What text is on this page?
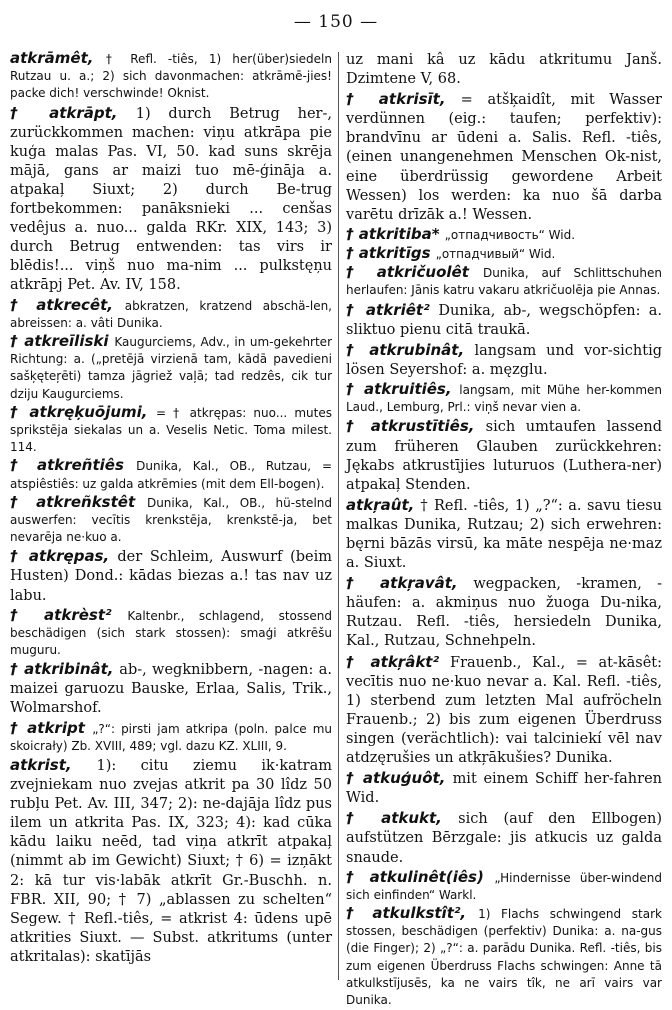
— 150 —
atkrāmêt, † Refl. -tiês, 1) her(über)siedeln Rutzau u. a.; 2) sich davonmachen: atkrāmē-jies! packe dich! verschwinde! Oknist.
† atkrāpt, 1) durch Betrug her-, zurückkommen machen: viņu atkrāpa pie kuģa malas Pas. VI, 50. kad suns skrēja mājā, gans ar maizi tuo mē-ģināja a. atpakaļ Siuxt; 2) durch Be-trug fortbekommen: panāksnieki ... cenšas vedêjus a. nuo... galda RKr. XIX, 143; 3) durch Betrug entwenden: tas virs ir blēdis!... viņš nuo ma-nim ... pulkstęņu atkrāpj Pet. Av. IV, 158.
† atkrecêt, abkratzen, kratzend abschä-len, abreissen: a. vâti Dunika.
† atkreīliski Kaugurciems, Adv., in um-gekehrter Richtung: a. („pretējā virzienā tam, kādā pavedieni sašķęteŗēti) tamza jāgriež vaļā; tad redzês, cik tur dziju Kaugurciems.
† atkręķuōjumi, = † atkrępas: nuo... mutes sprikstēja siekalas un a. Veselis Netic. Toma milest. 114.
† atkreñtiês Dunika, Kal., OB., Rutzau, = atspiêstiês: uz galda atkrēmies (mit dem Ell-bogen).
† atkreñkstêt Dunika, Kal., OB., hü-stelnd auswerfen: vecītis krenkstēja, krenkstē-ja, bet nevarēja ne·kuo a.
† atkrępas, der Schleim, Auswurf (beim Husten) Dond.: kādas biezas a.! tas nav uz labu.
† atkrèst² Kaltenbr., schlagend, stossend beschädigen (sich stark stossen): smaģi atkrēšu muguru.
† atkribinât, ab-, wegknibbern, -nagen: a. maizei garuozu Bauske, Erlaa, Salis, Trik., Wolmarshof.
† atkript „?“: pirsti jam atkripa (poln. palce mu skoicrały) Zb. XVIII, 489; vgl. dazu KZ. XLIII, 9.
atkrist, 1): citu ziemu ik·katram zvejniekam nuo zvejas atkrit pa 30 lîdz 50 rubļu Pet. Av. III, 347; 2): ne-dajāja lîdz pus ilem un atkrita Pas. IX, 323; 4): kad cūka kādu laiku neēd, tad viņa atkrīt atpakaļ (nimmt ab im Gewicht) Siuxt; † 6) = izņākt 2: kā tur vis·labāk atkrīt Gr.-Buschh. n. FBR. XII, 90; † 7) „ablassen zu schelten“ Segew. † Refl.-tiês, = atkrist 4: ūdens upē atkrities Siuxt. — Subst. atkritums (unter atkritalas): skatījās
uz mani kâ uz kādu atkritumu Janš. Dzimtene V, 68.
† atkrisīt, = atšķaidît, mit Wasser verdünnen (eig.: taufen; perfektiv): brandvīnu ar ūdeni a. Salis. Refl. -tiês, (einen unangenehmen Menschen Ok-nist, eine überdrüssig gewordene Arbeit Wessen) los werden: ka nuo šā darba varētu drīzāk a.! Wessen.
† atkritiba* „отпадчивость“ Wid.
† atkritīgs „отпадчивый“ Wid.
† atkričuolêt Dunika, auf Schlittschuhen herlaufen: Jānis katru vakaru atkričuolēja pie Annas.
† atkriêt² Dunika, ab-, wegschöpfen: a. sliktuo pienu citā traukā.
† atkrubinât, langsam und vor-sichtig lösen Seyershof: a. męzglu.
† atkruitiês, langsam, mit Mühe her-kommen Laud., Lemburg, Prl.: viņš nevar vien a.
† atkrustītiês, sich umtaufen lassend zum früheren Glauben zurückkehren: Jękabs atkrustījies luturuos (Luthera-ner) atpakaļ Stenden.
atkŗaût, † Refl. -tiês, 1) „?“: a. savu tiesu malkas Dunika, Rutzau; 2) sich erwehren: bęrni bāzās virsū, ka māte nespēja ne·maz a. Siuxt.
† atkŗavât, wegpacken, -kramen, -häufen: a. akmiņus nuo žuoga Du-nika, Rutzau. Refl. -tiês, hersiedeln Dunika, Kal., Rutzau, Schnehpeln.
† atkŗâkt² Frauenb., Kal., = at-kāsêt: vecītis nuo ne·kuo nevar a. Kal. Refl. -tiês, 1) sterbend zum letzten Mal aufröcheln Frauenb.; 2) bis zum eigenen Überdruss singen (verächtlich): vai talciniekí vēl nav atdzęrušies un atkŗākušies? Dunika.
† atkuģuôt, mit einem Schiff her-fahren Wid.
† atkukt, sich (auf den Ellbogen) aufstützen Bērzgale: jis atkucis uz galda snaude.
† atkulinêt(iês) „Hindernisse über-windend sich einfinden“ Warkl.
† atkulkstît², 1) Flachs schwingend stark stossen, beschädigen (perfektiv) Dunika: a. na-gus (die Finger); 2) „?“: a. parādu Dunika. Refl. -tiês, bis zum eigenen Überdruss Flachs schwingen: Anne tā atkulkstījusēs, ka ne vairs tîk, ne arī vairs var Dunika.
